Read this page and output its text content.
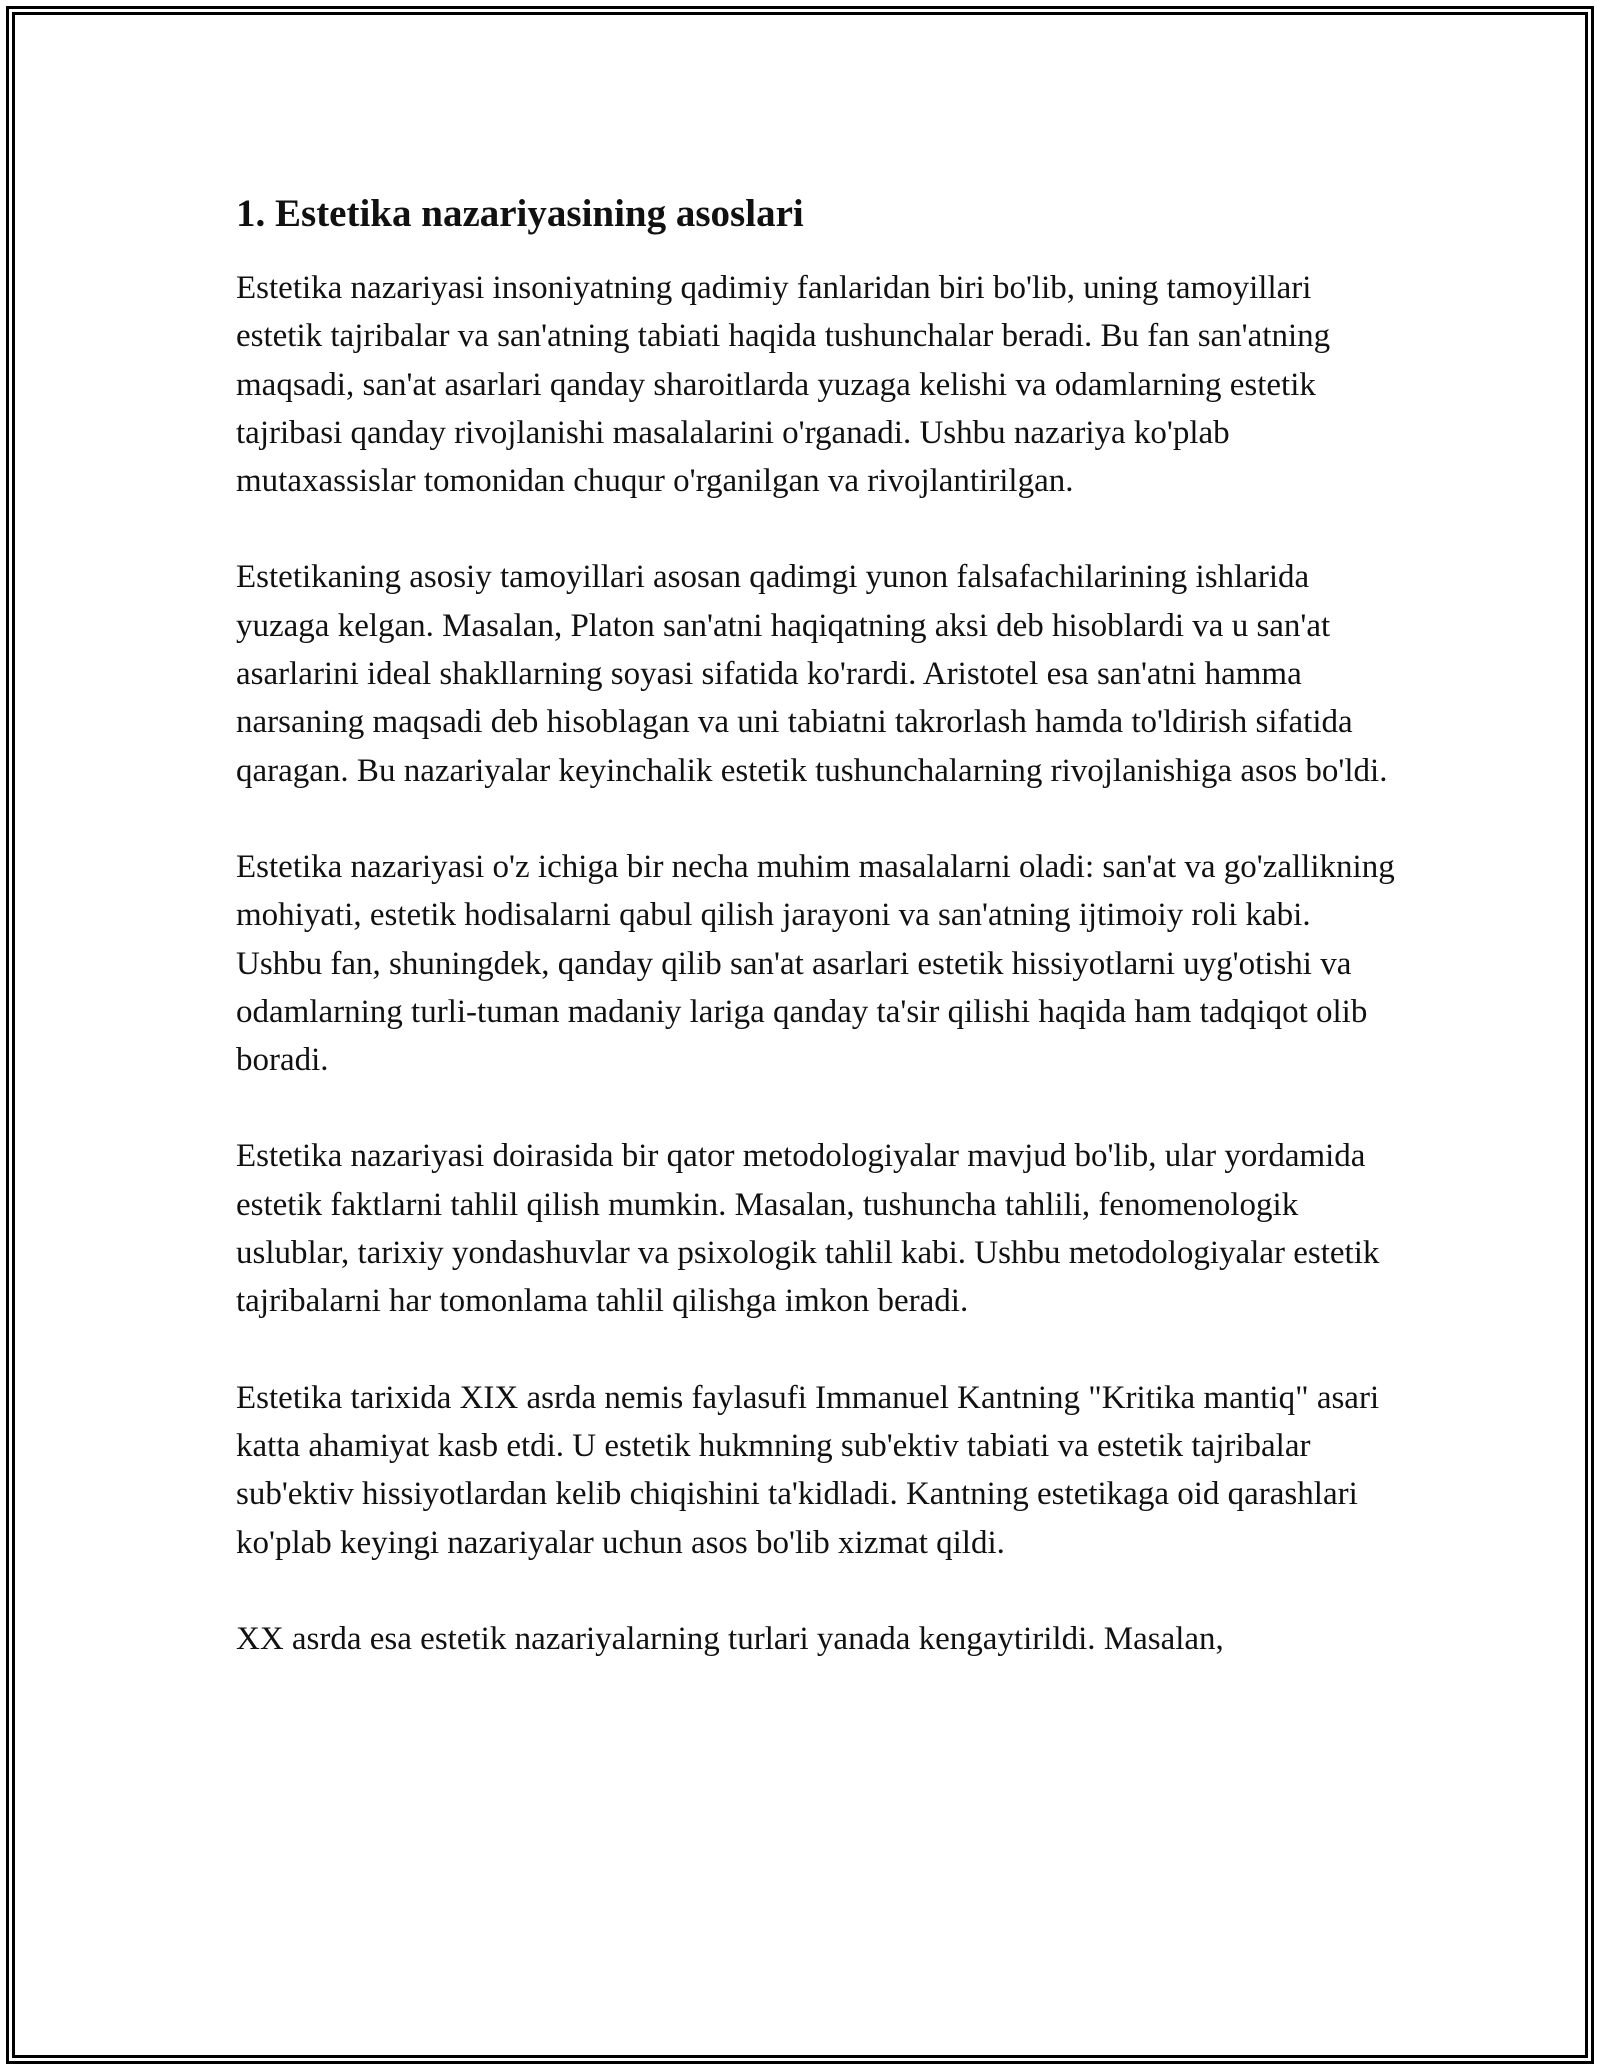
1. Estetika nazariyasining asoslari

Estetika nazariyasi insoniyatning qadimiy fanlaridan biri bo'lib, uning tamoyillari estetik tajribalar va san'atning tabiati haqida tushunchalar beradi. Bu fan san'atning maqsadi, san'at asarlari qanday sharoitlarda yuzaga kelishi va odamlarning estetik tajribasi qanday rivojlanishi masalalarini o'rganadi. Ushbu nazariya ko'plab mutaxassislar tomonidan chuqur o'rganilgan va rivojlantirilgan.

Estetikaning asosiy tamoyillari asosan qadimgi yunon falsafachilarining ishlarida yuzaga kelgan. Masalan, Platon san'atni haqiqatning aksi deb hisoblardi va u san'at asarlarini ideal shakllarning soyasi sifatida ko'rardi. Aristotel esa san'atni hamma narsaning maqsadi deb hisoblagan va uni tabiatni takrorlash hamda to'ldirish sifatida qaragan. Bu nazariyalar keyinchalik estetik tushunchalarning rivojlanishiga asos bo'ldi.

Estetika nazariyasi o'z ichiga bir necha muhim masalalarni oladi: san'at va go'zallikning mohiyati, estetik hodisalarni qabul qilish jarayoni va san'atning ijtimoiy roli kabi. Ushbu fan, shuningdek, qanday qilib san'at asarlari estetik hissiyotlarni uyg'otishi va odamlarning turli-tuman madaniy lariga qanday ta'sir qilishi haqida ham tadqiqot olib boradi.

Estetika nazariyasi doirasida bir qator metodologiyalar mavjud bo'lib, ular yordamida estetik faktlarni tahlil qilish mumkin. Masalan, tushuncha tahlili, fenomenologik uslublar, tarixiy yondashuvlar va psixologik tahlil kabi. Ushbu metodologiyalar estetik tajribalarni har tomonlama tahlil qilishga imkon beradi.

Estetika tarixida XIX asrda nemis faylasufi Immanuel Kantning "Kritika mantiq" asari katta ahamiyat kasb etdi. U estetik hukmning sub'ektiv tabiati va estetik tajribalar sub'ektiv hissiyotlardan kelib chiqishini ta'kidladi. Kantning estetikaga oid qarashlari ko'plab keyingi nazariyalar uchun asos bo'lib xizmat qildi.

XX asrda esa estetik nazariyalarning turlari yanada kengaytirildi. Masalan,
